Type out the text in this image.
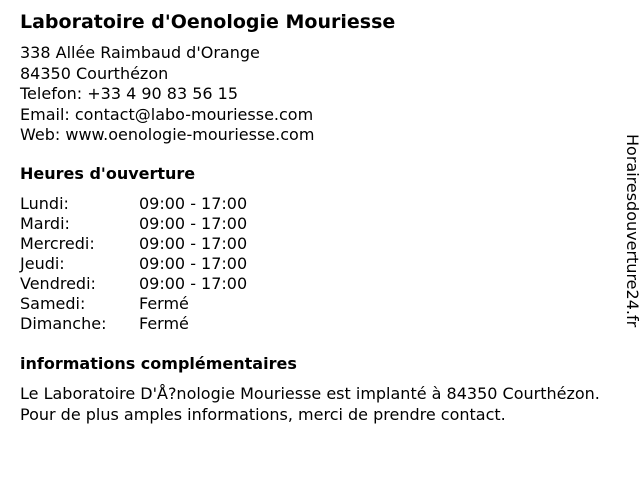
Laboratoire d'Oenologie Mouriesse
338 Allée Raimbaud d'Orange
84350 Courthézon
Telefon: +33 4 90 83 56 15
Email: contact@labo-mouriesse.com
Web: www.oenologie-mouriesse.com
Heures d'ouverture
Lundi:	09:00 - 17:00
Mardi:	09:00 - 17:00
Mercredi:	09:00 - 17:00
Jeudi:	09:00 - 17:00
Vendredi:	09:00 - 17:00
Samedi:	Fermé
Dimanche: Fermé
informations complémentaires
Le Laboratoire D'Å?nologie Mouriesse est implanté à 84350 Courthézon. Pour de plus amples informations, merci de prendre contact.
Horairesdouverture24.fr
